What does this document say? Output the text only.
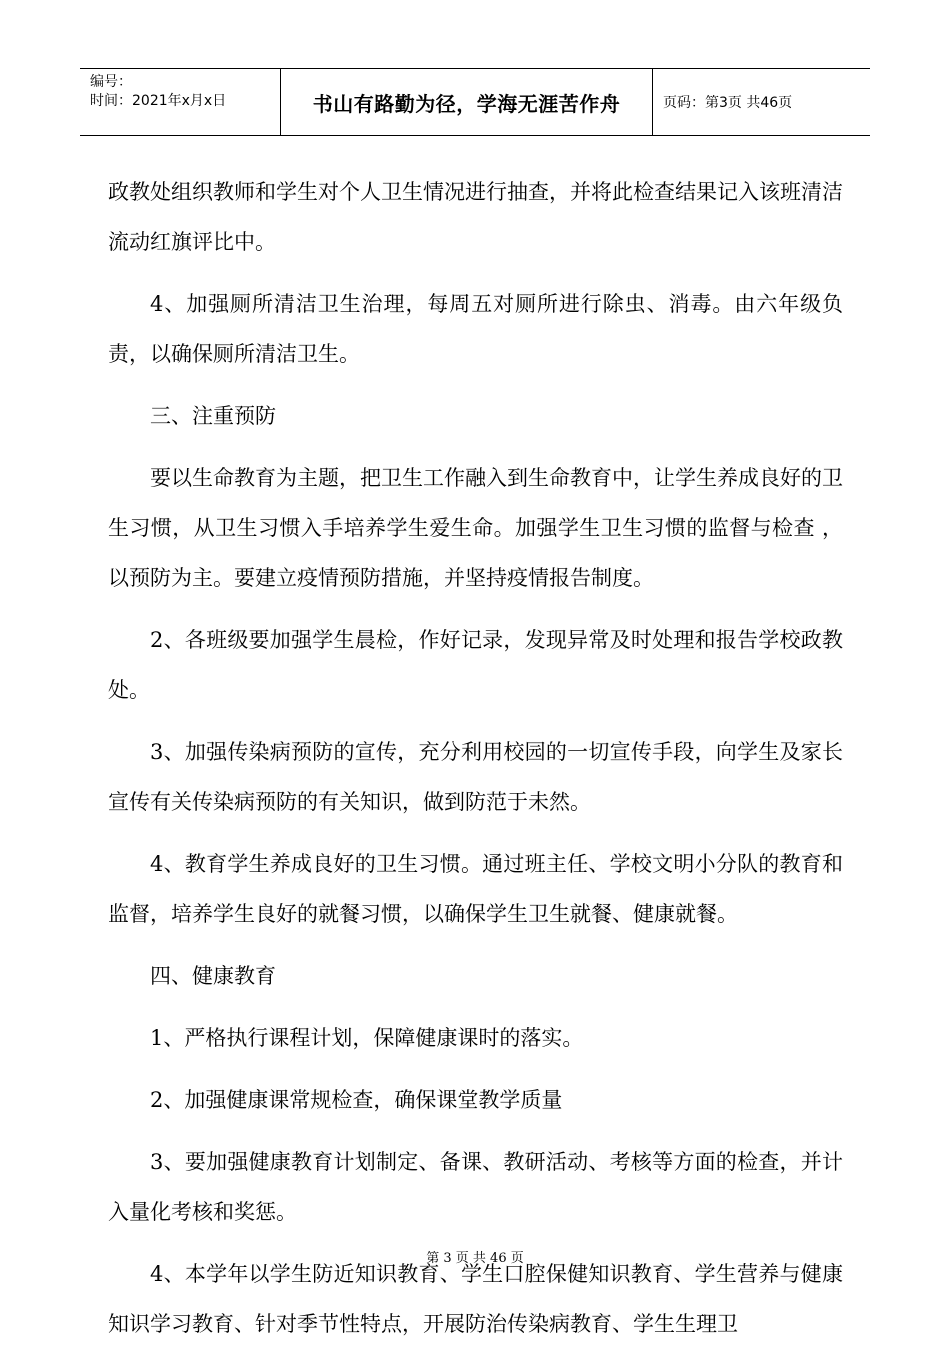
编号：
时间：2021年x月x日	书山有路勤为径，学海无涯苦作舟	页码：第3页 共46页

政教处组织教师和学生对个人卫生情况进行抽查，并将此检查结果记入该班清洁流动红旗评比中。

4、加强厕所清洁卫生治理，每周五对厕所进行除虫、消毒。由六年级负责，以确保厕所清洁卫生。

三、注重预防

要以生命教育为主题，把卫生工作融入到生命教育中，让学生养成良好的卫生习惯，从卫生习惯入手培养学生爱生命。加强学生卫生习惯的监督与检查 ，以预防为主。要建立疫情预防措施，并坚持疫情报告制度。

2、各班级要加强学生晨检，作好记录，发现异常及时处理和报告学校政教处。

3、加强传染病预防的宣传，充分利用校园的一切宣传手段，向学生及家长宣传有关传染病预防的有关知识，做到防范于未然。

4、教育学生养成良好的卫生习惯。通过班主任、学校文明小分队的教育和监督，培养学生良好的就餐习惯，以确保学生卫生就餐、健康就餐。

四、健康教育

1、严格执行课程计划，保障健康课时的落实。

2、加强健康课常规检查，确保课堂教学质量

3、要加强健康教育计划制定、备课、教研活动、考核等方面的检查，并计入量化考核和奖惩。

4、本学年以学生防近知识教育、学生口腔保健知识教育、学生营养与健康知识学习教育、针对季节性特点，开展防治传染病教育、学生生理卫

第 3 页 共 46 页
